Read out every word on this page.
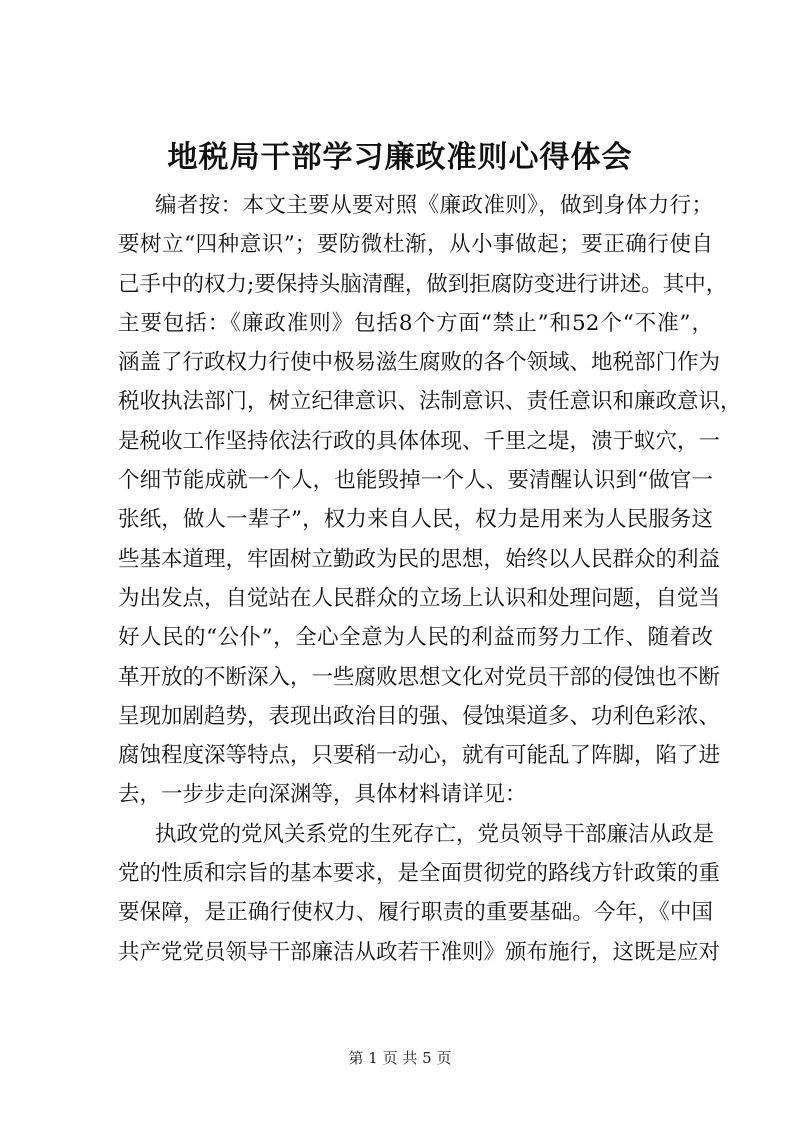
地税局干部学习廉政准则心得体会
编者按：本文主要从要对照《廉政准则》，做到身体力行；
要树立“四种意识”；要防微杜渐，从小事做起；要正确行使自
己手中的权力;要保持头脑清醒，做到拒腐防变进行讲述。其中，
主要包括：《廉政准则》包括8个方面“禁止”和52个“不准”，
涵盖了行政权力行使中极易滋生腐败的各个领域、地税部门作为
税收执法部门，树立纪律意识、法制意识、责任意识和廉政意识，
是税收工作坚持依法行政的具体体现、千里之堤，溃于蚁穴，一
个细节能成就一个人，也能毁掉一个人、要清醒认识到“做官一
张纸，做人一辈子”，权力来自人民，权力是用来为人民服务这
些基本道理，牢固树立勤政为民的思想，始终以人民群众的利益
为出发点，自觉站在人民群众的立场上认识和处理问题，自觉当
好人民的“公仆”，全心全意为人民的利益而努力工作、随着改
革开放的不断深入，一些腐败思想文化对党员干部的侵蚀也不断
呈现加剧趋势，表现出政治目的强、侵蚀渠道多、功利色彩浓、
腐蚀程度深等特点，只要稍一动心，就有可能乱了阵脚，陷了进
去，一步步走向深渊等，具体材料请详见：
执政党的党风关系党的生死存亡，党员领导干部廉洁从政是
党的性质和宗旨的基本要求，是全面贯彻党的路线方针政策的重
要保障，是正确行使权力、履行职责的重要基础。今年，《中国
共产党党员领导干部廉洁从政若干准则》颁布施行，这既是应对
第 1 页 共 5 页
